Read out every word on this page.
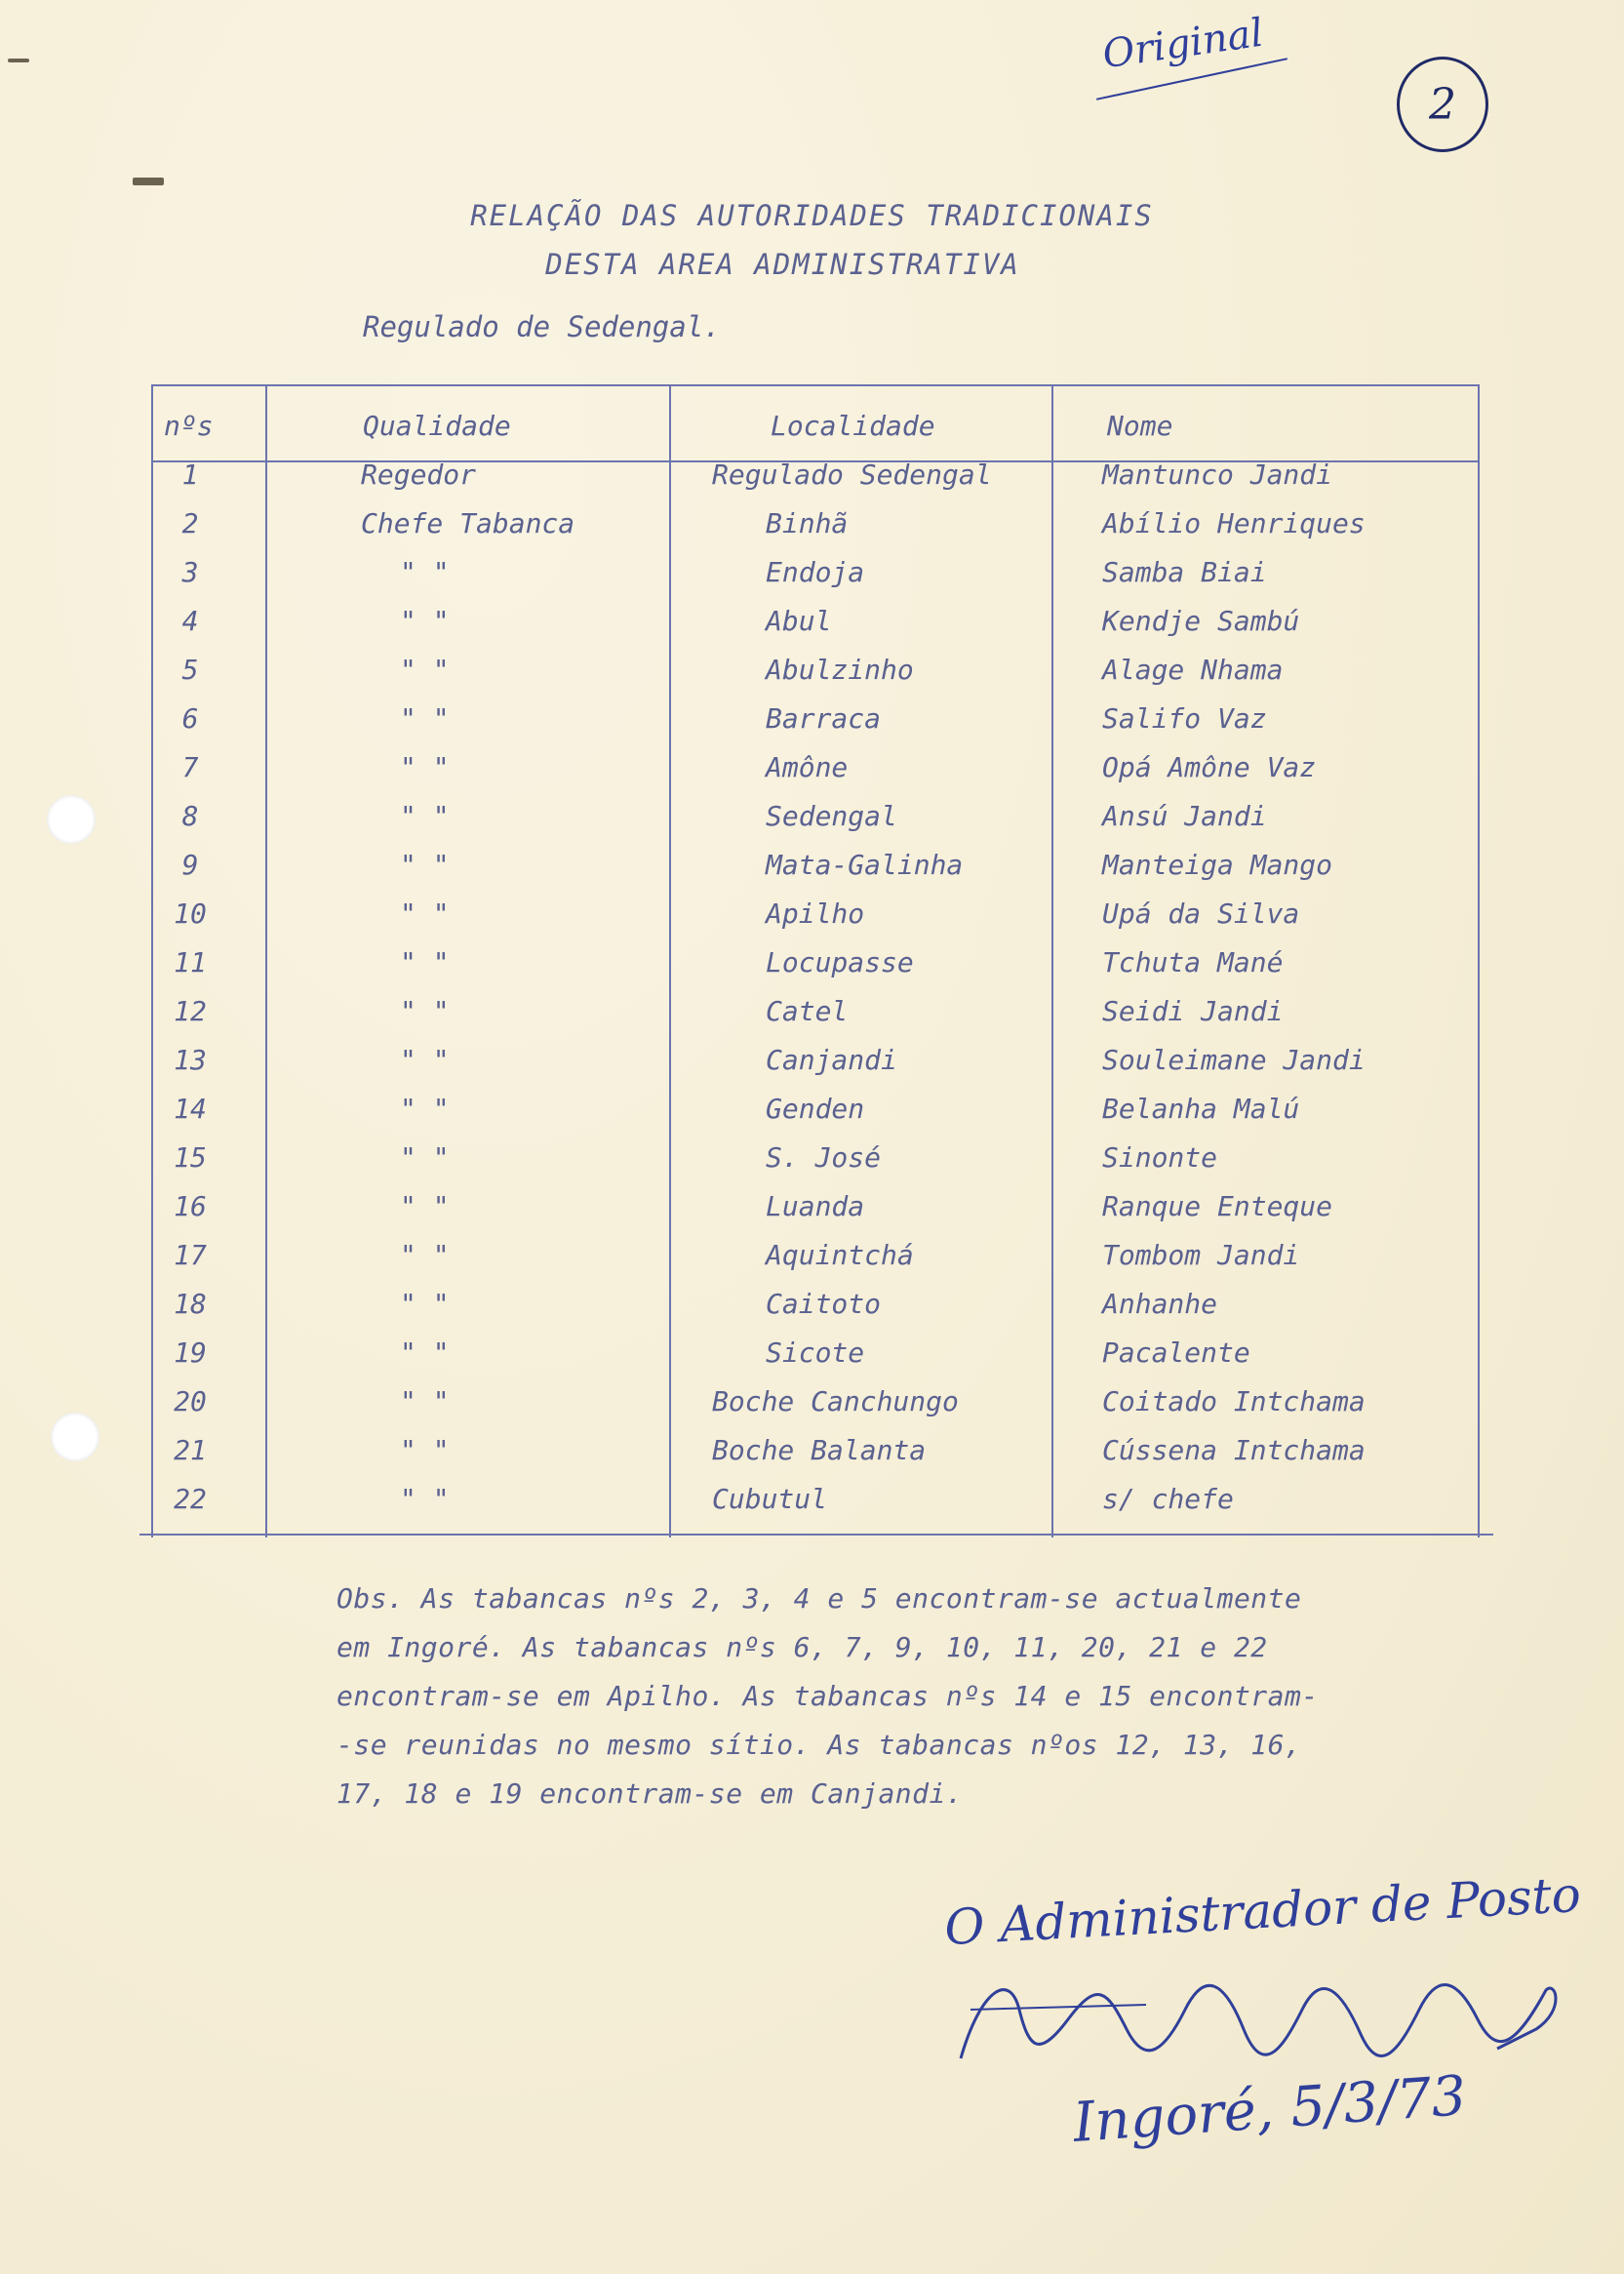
Original
2
RELAÇÃO DAS AUTORIDADES TRADICIONAIS
DESTA AREA ADMINISTRATIVA
Regulado de Sedengal.
O Administrador de Posto
Ingoré, 5/3/73
nºs	Qualidade	Localidade	Nome
1	Regedor	Regulado Sedengal	Mantunco Jandi
2	Chefe Tabanca	Binhã	Abílio Henriques
3	" "	Endoja	Samba Biai
4	" "	Abul	Kendje Sambú
5	" "	Abulzinho	Alage Nhama
6	" "	Barraca	Salifo Vaz
7	" "	Amône	Opá Amône Vaz
8	" "	Sedengal	Ansú Jandi
9	" "	Mata-Galinha	Manteiga Mango
10	" "	Apilho	Upá da Silva
11	" "	Locupasse	Tchuta Mané
12	" "	Catel	Seidi Jandi
13	" "	Canjandi	Souleimane Jandi
14	" "	Genden	Belanha Malú
15	" "	S. José	Sinonte
16	" "	Luanda	Ranque Enteque
17	" "	Aquintchá	Tombom Jandi
18	" "	Caitoto	Anhanhe
19	" "	Sicote	Pacalente
20	" "	Boche Canchungo	Coitado Intchama
21	" "	Boche Balanta	Cússena Intchama
22	" "	Cubutul	s/ chefe
Obs. As tabancas nºs 2, 3, 4 e 5 encontram-se actualmente
em Ingoré. As tabancas nºs 6, 7, 9, 10, 11, 20, 21 e 22
encontram-se em Apilho. As tabancas nºs 14 e 15 encontram-
-se reunidas no mesmo sítio. As tabancas nºos 12, 13, 16,
17, 18 e 19 encontram-se em Canjandi.
